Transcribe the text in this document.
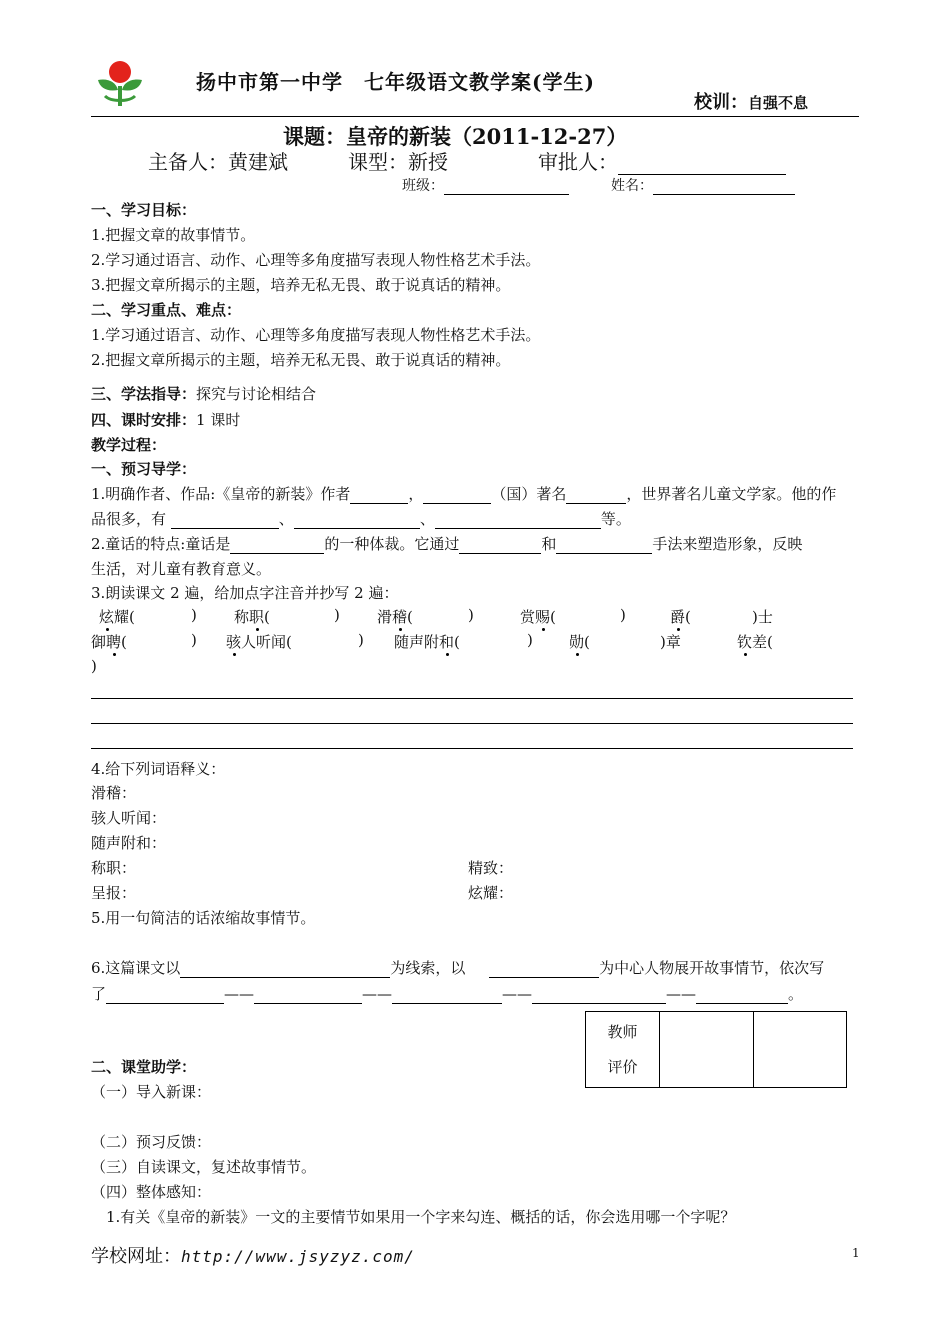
扬中市第一中学　七年级语文教学案(学生)
校训：自强不息
课题：皇帝的新装（2011-12-27）
主备人：黄建斌	课型：新授	审批人：
班级：	姓名：
一、学习目标：
1.把握文章的故事情节。
2.学习通过语言、动作、心理等多角度描写表现人物性格艺术手法。
3.把握文章所揭示的主题，培养无私无畏、敢于说真话的精神。
二、学习重点、难点：
1.学习通过语言、动作、心理等多角度描写表现人物性格艺术手法。
2.把握文章所揭示的主题，培养无私无畏、敢于说真话的精神。
三、学法指导：探究与讨论相结合
四、课时安排：1 课时
教学过程：
一、预习导学：
1.明确作者、作品:《皇帝的新装》作者	，	（国）著名	，世界著名儿童文学家。他的作
品很多，有	、	、	等。
2.童话的特点:童话是	的一种体裁。它通过	和	手法来塑造形象，反映
生活，对儿童有教育意义。
3.朗读课文 2 遍，给加点字注音并抄写 2 遍：
炫耀(	) 称职(	) 滑稽(	)	赏赐(	)	爵(	)士
御聘(	) 骇人听闻(	) 随声附和(	) 勋(	)章	钦差(
)
4.给下列词语释义：
滑稽：
骇人听闻：
随声附和：
称职：	精致：
呈报：	炫耀：
5.用一句简洁的话浓缩故事情节。
6.这篇课文以	为线索，以	为中心人物展开故事情节，依次写
了	——	——	——	——	。
教师
评价

二、课堂助学：
（一）导入新课：
（二）预习反馈：
（三）自读课文，复述故事情节。
（四）整体感知：
1.有关《皇帝的新装》一文的主要情节如果用一个字来勾连、概括的话，你会选用哪一个字呢？
学校网址：http://www.jsyzyz.com/	1
